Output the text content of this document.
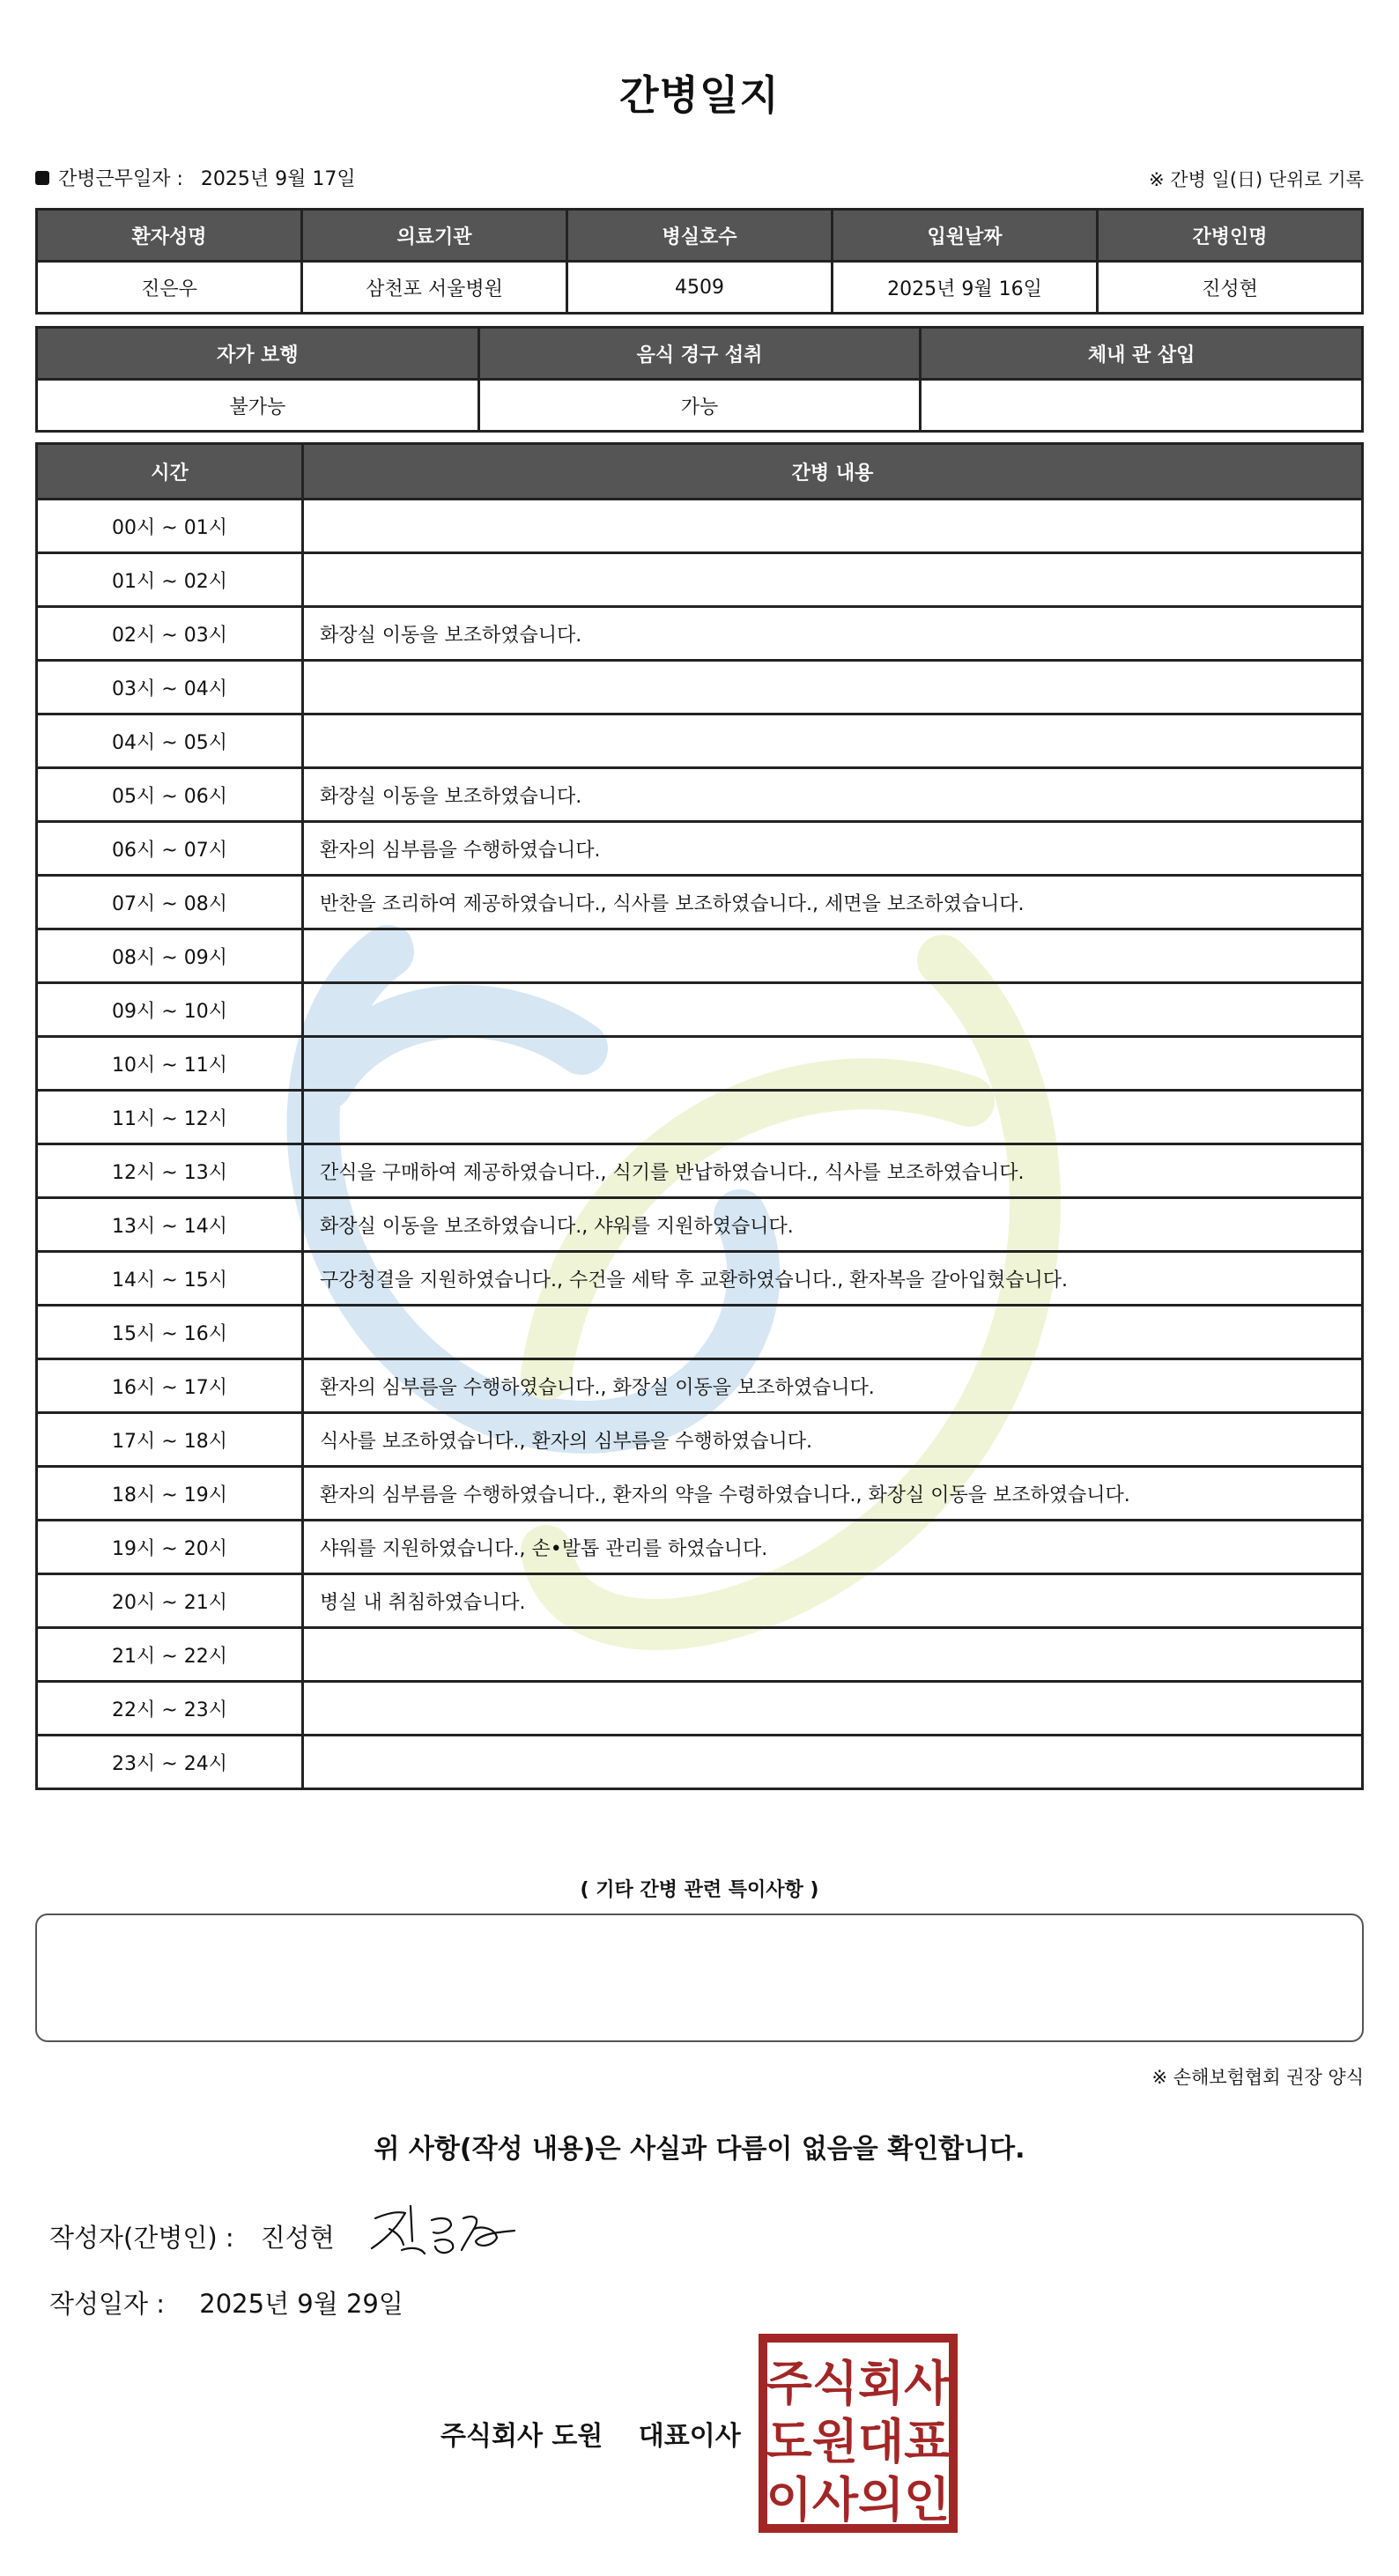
간병일지
간병근무일자 : 2025년 9월 17일	※ 간병 일(日) 단위로 기록
환자성명	의료기관	병실호수	입원날짜	간병인명
진은우	삼천포 서울병원	4509	2025년 9월 16일	진성현
자가 보행	음식 경구 섭취	체내 관 삽입
불가능	가능	
시간	간병 내용
00시 ~ 01시	
01시 ~ 02시	
02시 ~ 03시	화장실 이동을 보조하였습니다.
03시 ~ 04시	
04시 ~ 05시	
05시 ~ 06시	화장실 이동을 보조하였습니다.
06시 ~ 07시	환자의 심부름을 수행하였습니다.
07시 ~ 08시	반찬을 조리하여 제공하였습니다., 식사를 보조하였습니다., 세면을 보조하였습니다.
08시 ~ 09시	
09시 ~ 10시	
10시 ~ 11시	
11시 ~ 12시	
12시 ~ 13시	간식을 구매하여 제공하였습니다., 식기를 반납하였습니다., 식사를 보조하였습니다.
13시 ~ 14시	화장실 이동을 보조하였습니다., 샤워를 지원하였습니다.
14시 ~ 15시	구강청결을 지원하였습니다., 수건을 세탁 후 교환하였습니다., 환자복을 갈아입혔습니다.
15시 ~ 16시	
16시 ~ 17시	환자의 심부름을 수행하였습니다., 화장실 이동을 보조하였습니다.
17시 ~ 18시	식사를 보조하였습니다., 환자의 심부름을 수행하였습니다.
18시 ~ 19시	환자의 심부름을 수행하였습니다., 환자의 약을 수령하였습니다., 화장실 이동을 보조하였습니다.
19시 ~ 20시	샤워를 지원하였습니다., 손•발톱 관리를 하였습니다.
20시 ~ 21시	병실 내 취침하였습니다.
21시 ~ 22시	
22시 ~ 23시	
23시 ~ 24시	
( 기타 간병 관련 특이사항 )
※ 손해보험협회 권장 양식
위 사항(작성 내용)은 사실과 다름이 없음을 확인합니다.
작성자(간병인) : 진성현
작성일자 : 2025년 9월 29일
주식회사 도원 대표이사
주식회사
도원대표
이사의인
